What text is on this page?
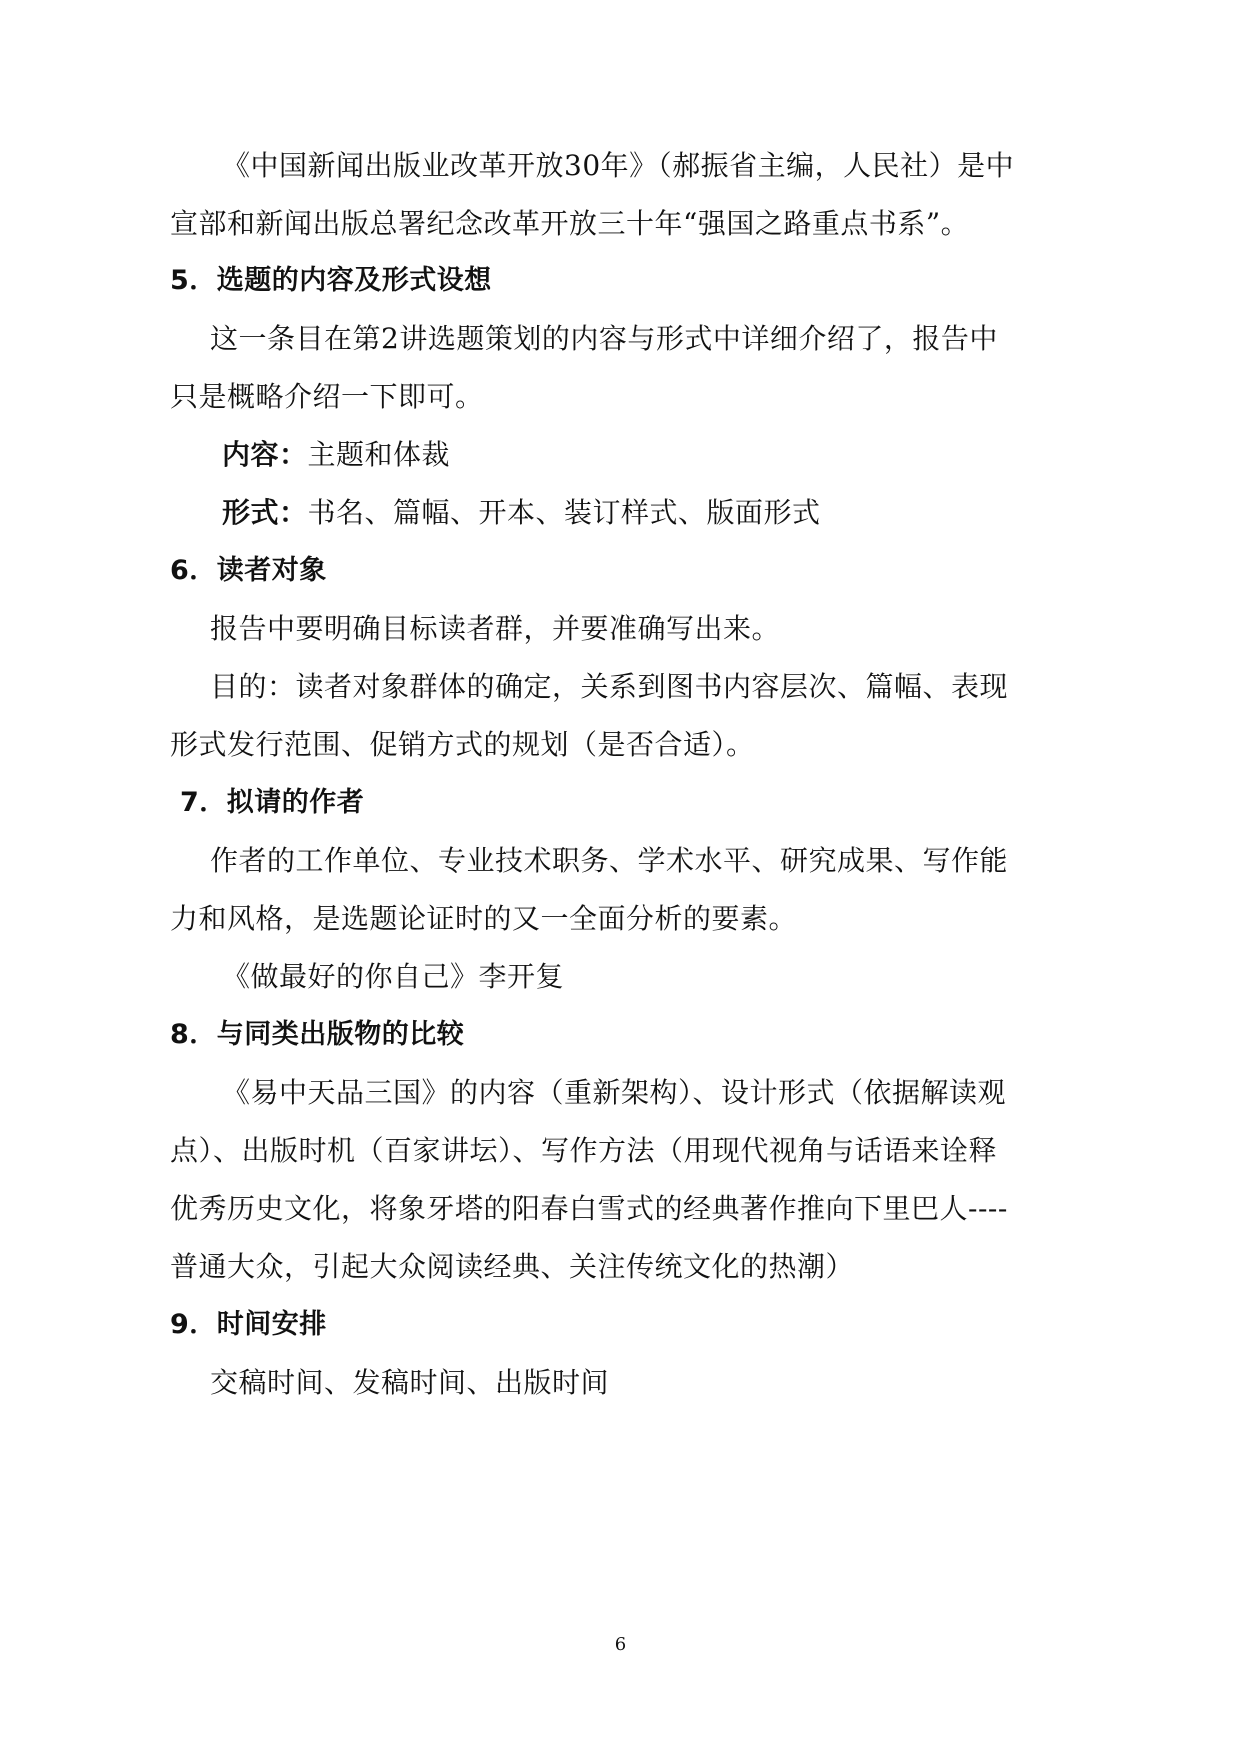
《中国新闻出版业改革开放30年》（郝振省主编，人民社）是中
宣部和新闻出版总署纪念改革开放三十年“强国之路重点书系”。
5．选题的内容及形式设想
这一条目在第2讲选题策划的内容与形式中详细介绍了，报告中
只是概略介绍一下即可。
内容：主题和体裁
形式：书名、篇幅、开本、装订样式、版面形式
6．读者对象
报告中要明确目标读者群，并要准确写出来。
目的：读者对象群体的确定，关系到图书内容层次、篇幅、表现
形式发行范围、促销方式的规划（是否合适）。
7．拟请的作者
作者的工作单位、专业技术职务、学术水平、研究成果、写作能
力和风格，是选题论证时的又一全面分析的要素。
《做最好的你自己》李开复
8．与同类出版物的比较
《易中天品三国》的内容（重新架构）、设计形式（依据解读观
点）、出版时机（百家讲坛）、写作方法（用现代视角与话语来诠释
优秀历史文化，将象牙塔的阳春白雪式的经典著作推向下里巴人----
普通大众，引起大众阅读经典、关注传统文化的热潮）
9．时间安排
交稿时间、发稿时间、出版时间
6
